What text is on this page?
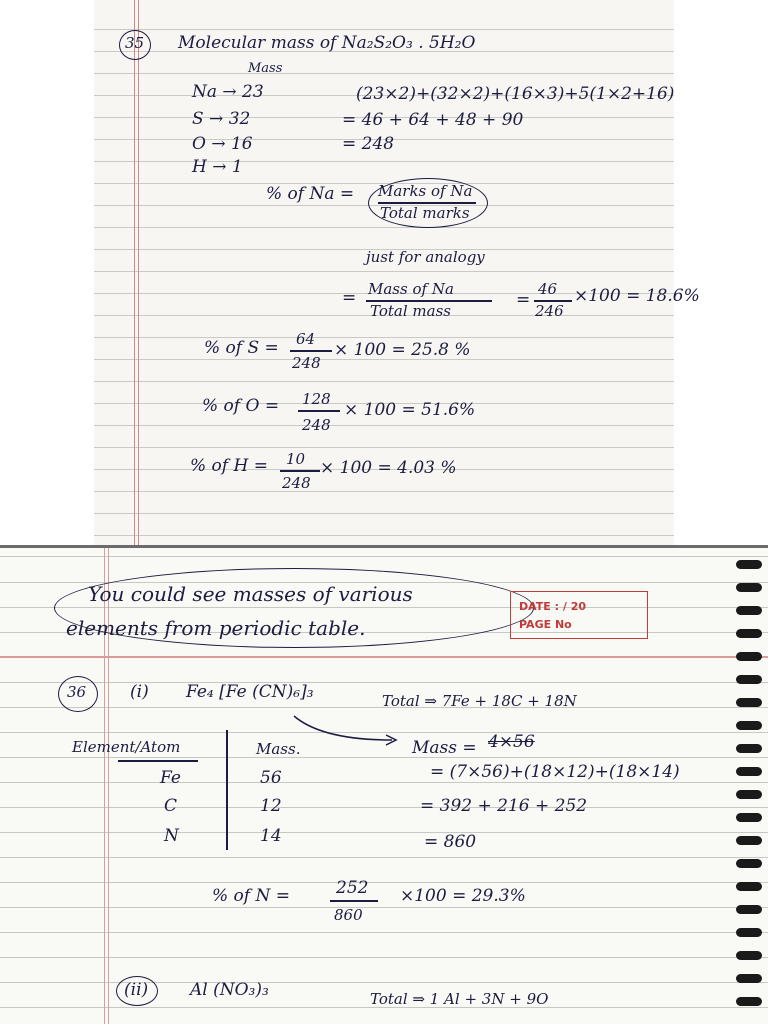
35 Molecular mass of Na₂S₂O₃ . 5H₂O
Mass
Na → 23
S → 32
O → 16
H → 1
(23×2)+(32×2)+(16×3)+5(1×2+16)
= 46 + 64 + 48 + 90
= 248
% of Na = Marks of Na
Total marks
just for analogy
= Mass of Na
Total mass
=
46
246
×100 = 18.6%
% of S = 64
248
× 100 = 25.8 %
% of O = 128
248
× 100 = 51.6%
% of H = 10
248
× 100 = 4.03 %
You could see masses of various
elements from periodic table.
DATE : / 20
PAGE No
36	(i) Fe₄ [Fe (CN)₆]₃	Total ⇒ 7Fe + 18C + 18N
Element/Atom	Mass.
Fe	56
C	12
N	14
Mass = 4×56
= (7×56)+(18×12)+(18×14)
= 392 + 216 + 252
= 860
% of N =	252
860
×100 = 29.3%
(ii) Al (NO₃)₃	Total ⇒ 1 Al + 3N + 9O
